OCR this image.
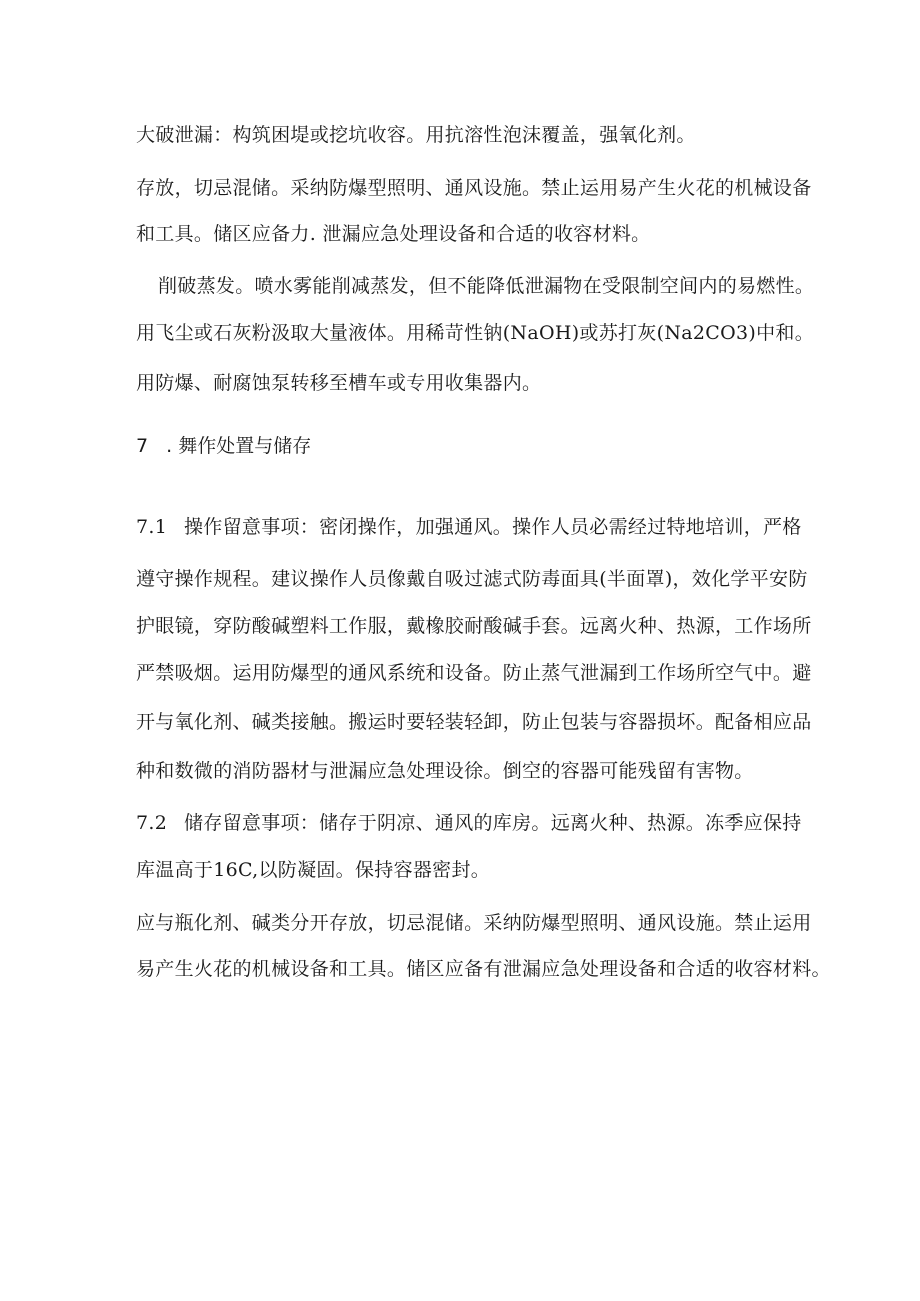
大破泄漏：构筑困堤或挖坑收容。用抗溶性泡沫覆盖，强氧化剂。
存放，切忌混储。采纳防爆型照明、通风设施。禁止运用易产生火花的机械设备
和工具。储区应备力. 泄漏应急处理设备和合适的收容材料。
削破蒸发。喷水雾能削减蒸发，但不能降低泄漏物在受限制空间内的易燃性。
用飞尘或石灰粉汲取大量液体。用稀苛性钠(NaOH)或苏打灰(Na2CO3)中和。
用防爆、耐腐蚀泵转移至槽车或专用收集器内。
7 . 舞作处置与储存
7.1 操作留意事项：密闭操作，加强通风。操作人员必需经过特地培训，严格
遵守操作规程。建议操作人员像戴自吸过滤式防毒面具(半面罩)，效化学平安防
护眼镜，穿防酸碱塑料工作服，戴橡胶耐酸碱手套。远离火种、热源，工作场所
严禁吸烟。运用防爆型的通风系统和设备。防止蒸气泄漏到工作场所空气中。避
开与氧化剂、碱类接触。搬运时要轻装轻卸，防止包装与容器损坏。配备相应品
种和数微的消防器材与泄漏应急处理设徐。倒空的容器可能残留有害物。
7.2 储存留意事项：储存于阴凉、通风的库房。远离火种、热源。冻季应保持
库温高于16C,以防凝固。保持容器密封。
应与瓶化剂、碱类分开存放，切忌混储。采纳防爆型照明、通风设施。禁止运用
易产生火花的机械设备和工具。储区应备有泄漏应急处理设备和合适的收容材料。
